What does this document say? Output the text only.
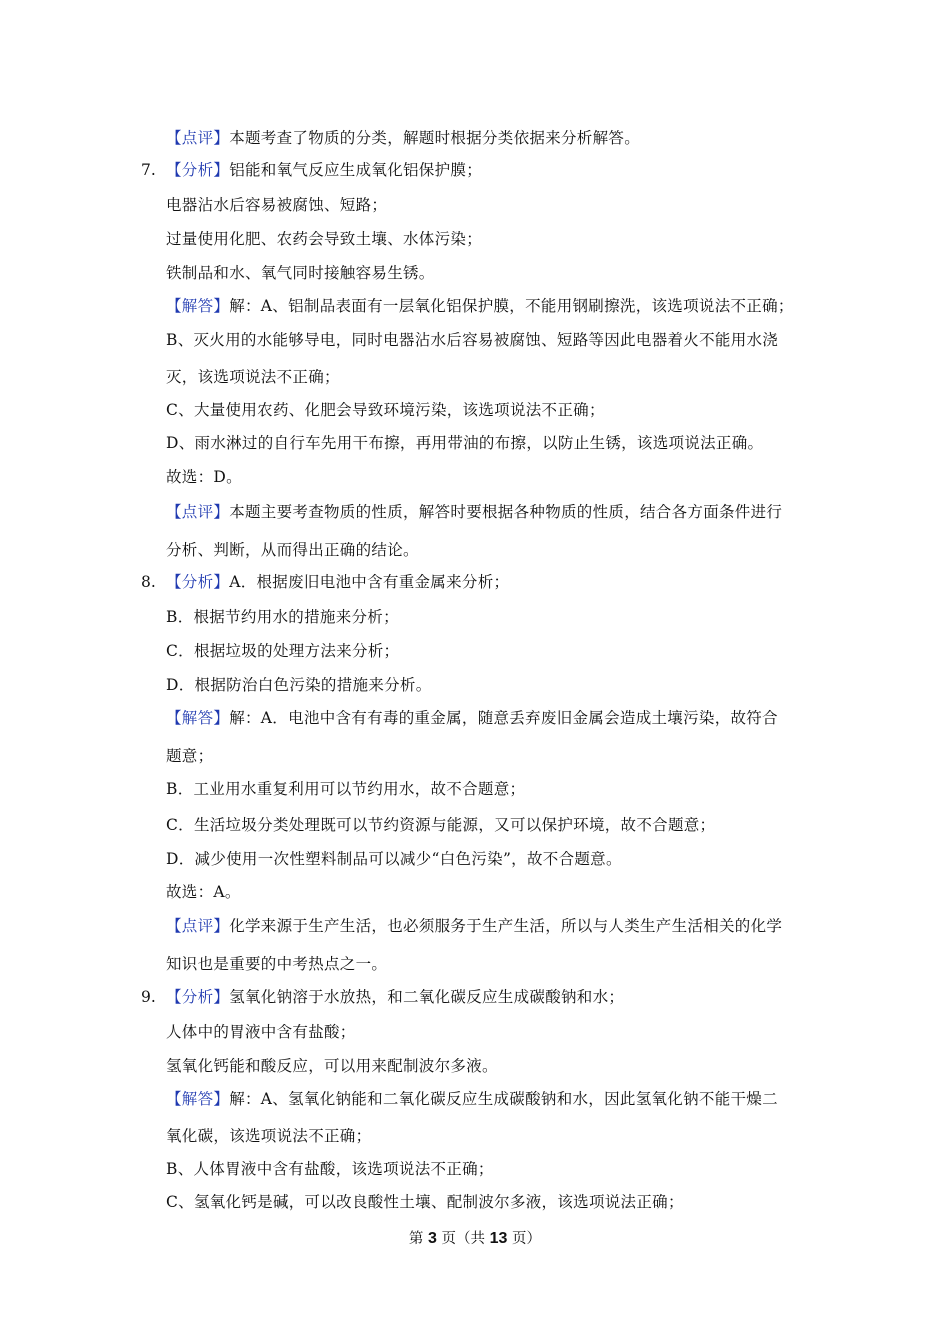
【点评】本题考查了物质的分类，解题时根据分类依据来分析解答。
7. 【分析】铝能和氧气反应生成氧化铝保护膜；
电器沾水后容易被腐蚀、短路；
过量使用化肥、农药会导致土壤、水体污染；
铁制品和水、氧气同时接触容易生锈。
【解答】解：A、铝制品表面有一层氧化铝保护膜，不能用钢刷擦洗，该选项说法不正确；
B、灭火用的水能够导电，同时电器沾水后容易被腐蚀、短路等因此电器着火不能用水浇
灭，该选项说法不正确；
C、大量使用农药、化肥会导致环境污染，该选项说法不正确；
D、雨水淋过的自行车先用干布擦，再用带油的布擦，以防止生锈，该选项说法正确。
故选：D。
【点评】本题主要考查物质的性质，解答时要根据各种物质的性质，结合各方面条件进行
分析、判断，从而得出正确的结论。
8. 【分析】A．根据废旧电池中含有重金属来分析；
B．根据节约用水的措施来分析；
C．根据垃圾的处理方法来分析；
D．根据防治白色污染的措施来分析。
【解答】解：A．电池中含有有毒的重金属，随意丢弃废旧金属会造成土壤污染，故符合
题意；
B．工业用水重复利用可以节约用水，故不合题意；
C．生活垃圾分类处理既可以节约资源与能源，又可以保护环境，故不合题意；
D．减少使用一次性塑料制品可以减少“白色污染”，故不合题意。
故选：A。
【点评】化学来源于生产生活，也必须服务于生产生活，所以与人类生产生活相关的化学
知识也是重要的中考热点之一。
9. 【分析】氢氧化钠溶于水放热，和二氧化碳反应生成碳酸钠和水；
人体中的胃液中含有盐酸；
氢氧化钙能和酸反应，可以用来配制波尔多液。
【解答】解：A、氢氧化钠能和二氧化碳反应生成碳酸钠和水，因此氢氧化钠不能干燥二
氧化碳，该选项说法不正确；
B、人体胃液中含有盐酸，该选项说法不正确；
C、氢氧化钙是碱，可以改良酸性土壤、配制波尔多液，该选项说法正确；
第 3 页（共 13 页）
